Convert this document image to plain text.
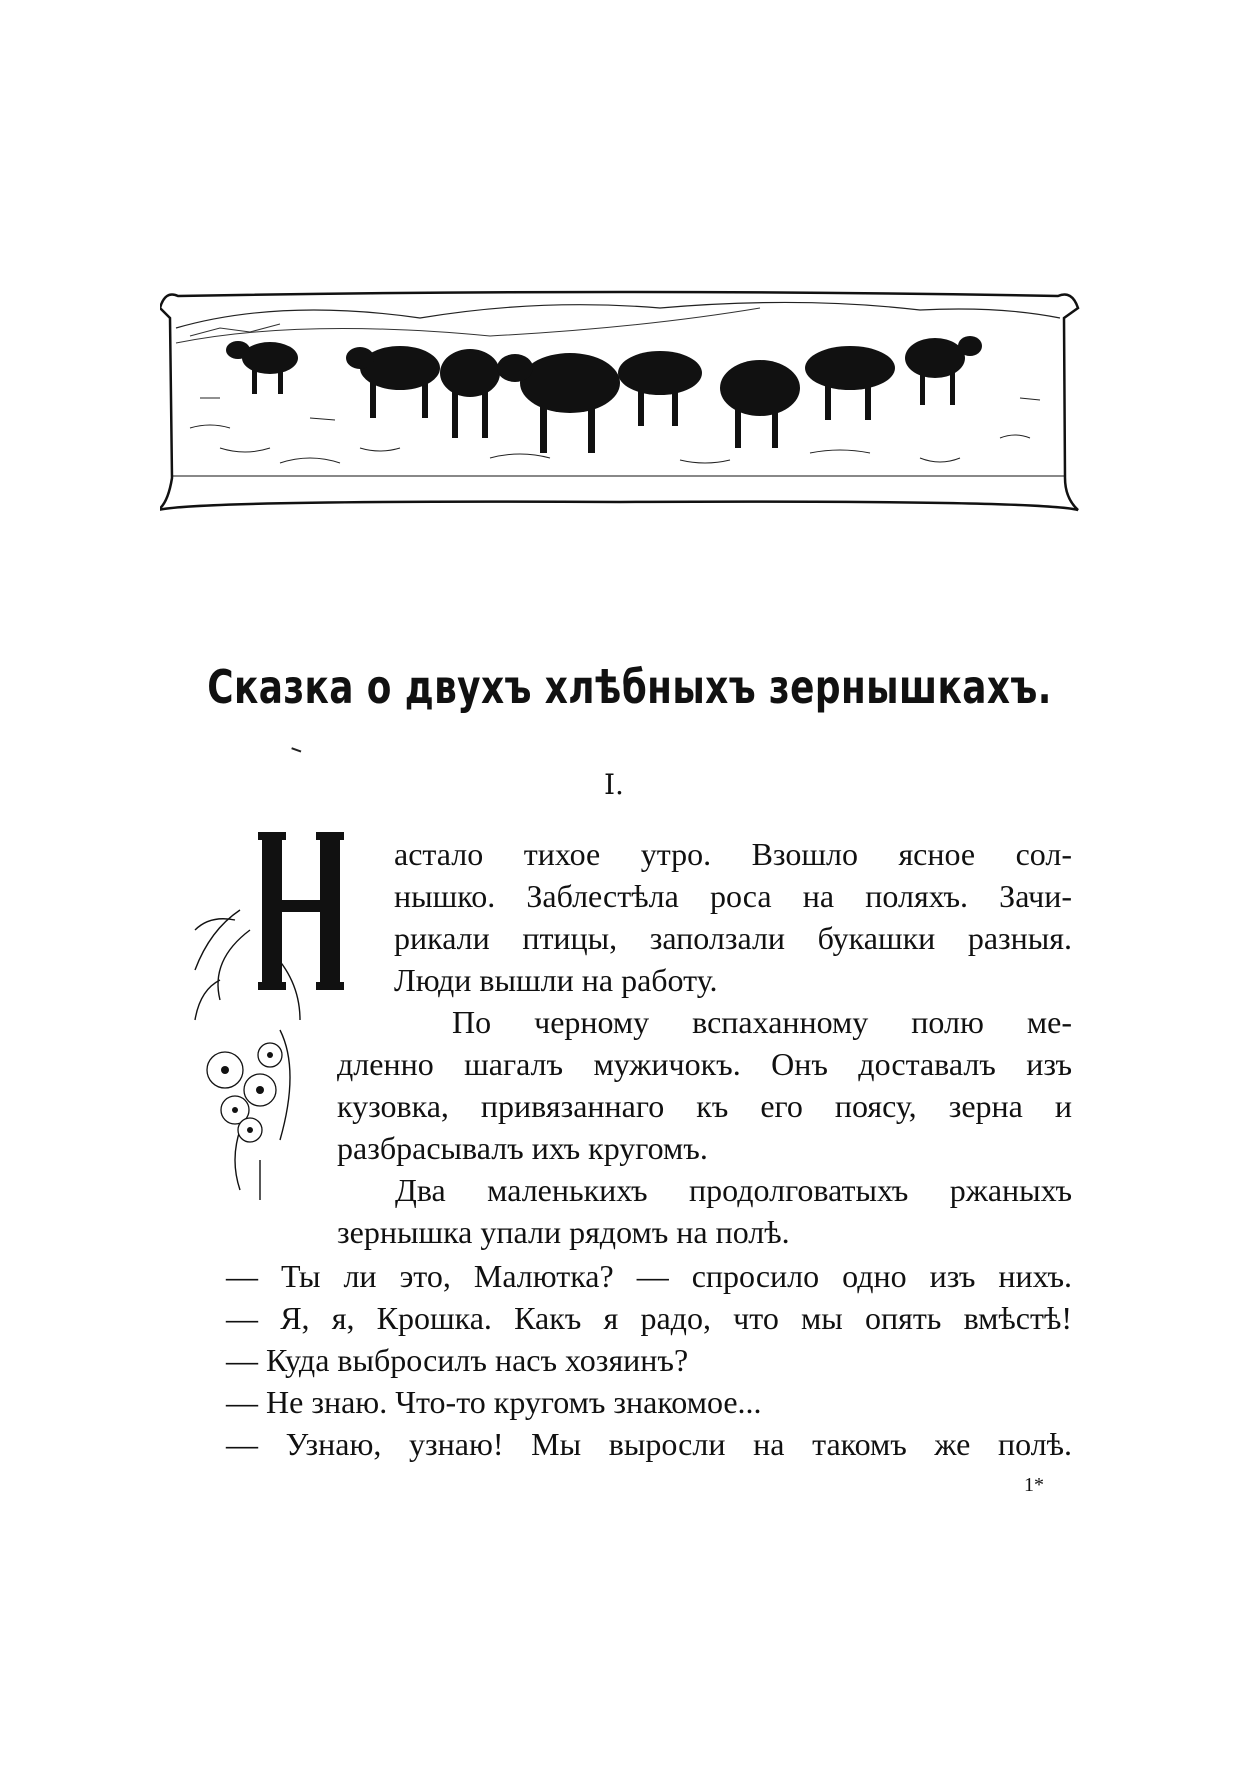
Сказка о двухъ хлѣбныхъ зернышкахъ.
I.
астало тихое утро. Взошло ясное сол-
нышко. Заблестѣла роса на поляхъ. Зачи-
рикали птицы, заползали букашки разныя.
Люди вышли на работу.
По черному вспаханному полю ме-
дленно шагалъ мужичокъ. Онъ доставалъ изъ
кузовка, привязаннаго къ его поясу, зерна и
разбрасывалъ ихъ кругомъ.
Два маленькихъ продолговатыхъ ржаныхъ
зернышка упали рядомъ на полѣ.
— Ты ли это, Малютка? — спросило одно изъ нихъ.
— Я, я, Крошка. Какъ я радо, что мы опять вмѣстѣ!
— Куда выбросилъ насъ хозяинъ?
— Не знаю. Что-то кругомъ знакомое...
— Узнаю, узнаю! Мы выросли на такомъ же полѣ.
1*
